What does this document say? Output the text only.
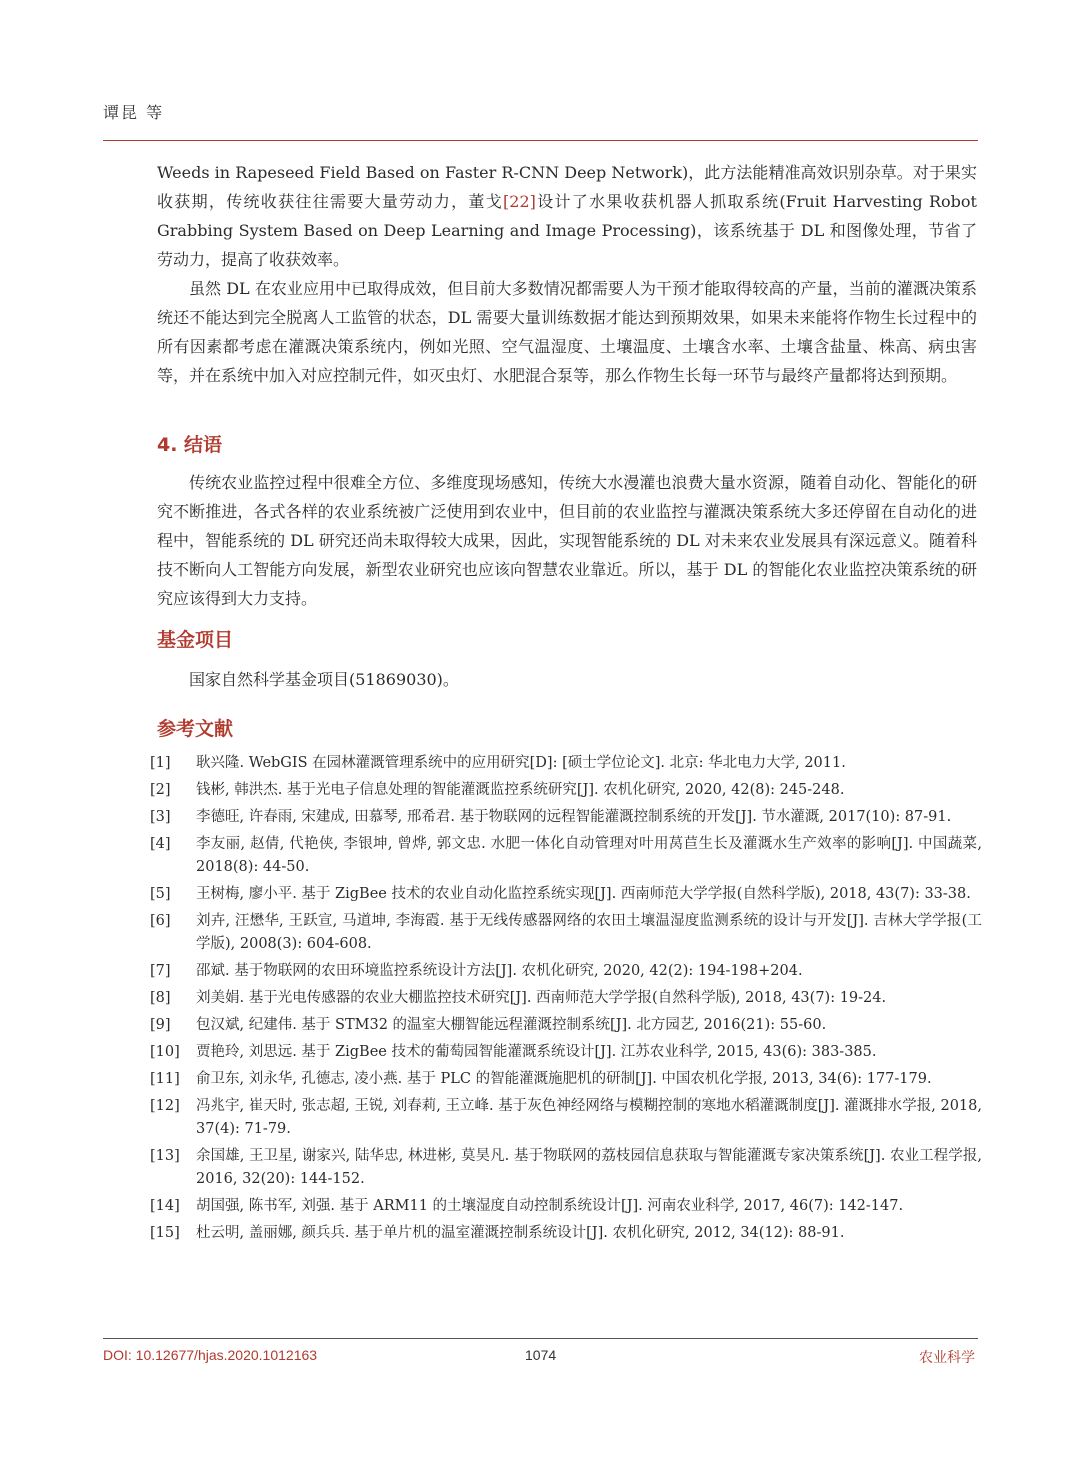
谭昆 等

Weeds in Rapeseed Field Based on Faster R-CNN Deep Network)，此方法能精准高效识别杂草。对于果实收获期，传统收获往往需要大量劳动力，董戈[22]设计了水果收获机器人抓取系统(Fruit Harvesting Robot Grabbing System Based on Deep Learning and Image Processing)，该系统基于 DL 和图像处理，节省了劳动力，提高了收获效率。

虽然 DL 在农业应用中已取得成效，但目前大多数情况都需要人为干预才能取得较高的产量，当前的灌溉决策系统还不能达到完全脱离人工监管的状态，DL 需要大量训练数据才能达到预期效果，如果未来能将作物生长过程中的所有因素都考虑在灌溉决策系统内，例如光照、空气温湿度、土壤温度、土壤含水率、土壤含盐量、株高、病虫害等，并在系统中加入对应控制元件，如灭虫灯、水肥混合泵等，那么作物生长每一环节与最终产量都将达到预期。

4. 结语

传统农业监控过程中很难全方位、多维度现场感知，传统大水漫灌也浪费大量水资源，随着自动化、智能化的研究不断推进，各式各样的农业系统被广泛使用到农业中，但目前的农业监控与灌溉决策系统大多还停留在自动化的进程中，智能系统的 DL 研究还尚未取得较大成果，因此，实现智能系统的 DL 对未来农业发展具有深远意义。随着科技不断向人工智能方向发展，新型农业研究也应该向智慧农业靠近。所以，基于 DL 的智能化农业监控决策系统的研究应该得到大力支持。

基金项目

国家自然科学基金项目(51869030)。

参考文献
[1]	耿兴隆. WebGIS 在园林灌溉管理系统中的应用研究[D]: [硕士学位论文]. 北京: 华北电力大学, 2011.
[2]	钱彬, 韩洪杰. 基于光电子信息处理的智能灌溉监控系统研究[J]. 农机化研究, 2020, 42(8): 245-248.
[3]	李德旺, 许春雨, 宋建成, 田慕琴, 邢希君. 基于物联网的远程智能灌溉控制系统的开发[J]. 节水灌溉, 2017(10): 87-91.
[4]	李友丽, 赵倩, 代艳侠, 李银坤, 曾烨, 郭文忠. 水肥一体化自动管理对叶用莴苣生长及灌溉水生产效率的影响[J]. 中国蔬菜, 2018(8): 44-50.
[5]	王树梅, 廖小平. 基于 ZigBee 技术的农业自动化监控系统实现[J]. 西南师范大学学报(自然科学版), 2018, 43(7): 33-38.
[6]	刘卉, 汪懋华, 王跃宣, 马道坤, 李海霞. 基于无线传感器网络的农田土壤温湿度监测系统的设计与开发[J]. 吉林大学学报(工学版), 2008(3): 604-608.
[7]	邵斌. 基于物联网的农田环境监控系统设计方法[J]. 农机化研究, 2020, 42(2): 194-198+204.
[8]	刘美娟. 基于光电传感器的农业大棚监控技术研究[J]. 西南师范大学学报(自然科学版), 2018, 43(7): 19-24.
[9]	包汉斌, 纪建伟. 基于 STM32 的温室大棚智能远程灌溉控制系统[J]. 北方园艺, 2016(21): 55-60.
[10]	贾艳玲, 刘思远. 基于 ZigBee 技术的葡萄园智能灌溉系统设计[J]. 江苏农业科学, 2015, 43(6): 383-385.
[11]	俞卫东, 刘永华, 孔德志, 凌小燕. 基于 PLC 的智能灌溉施肥机的研制[J]. 中国农机化学报, 2013, 34(6): 177-179.
[12]	冯兆宇, 崔天时, 张志超, 王锐, 刘春莉, 王立峰. 基于灰色神经网络与模糊控制的寒地水稻灌溉制度[J]. 灌溉排水学报, 2018, 37(4): 71-79.
[13]	余国雄, 王卫星, 谢家兴, 陆华忠, 林进彬, 莫昊凡. 基于物联网的荔枝园信息获取与智能灌溉专家决策系统[J]. 农业工程学报, 2016, 32(20): 144-152.
[14]	胡国强, 陈书军, 刘强. 基于 ARM11 的土壤湿度自动控制系统设计[J]. 河南农业科学, 2017, 46(7): 142-147.
[15]	杜云明, 盖丽娜, 颜兵兵. 基于单片机的温室灌溉控制系统设计[J]. 农机化研究, 2012, 34(12): 88-91.
DOI: 10.12677/hjas.2020.1012163	1074	农业科学
